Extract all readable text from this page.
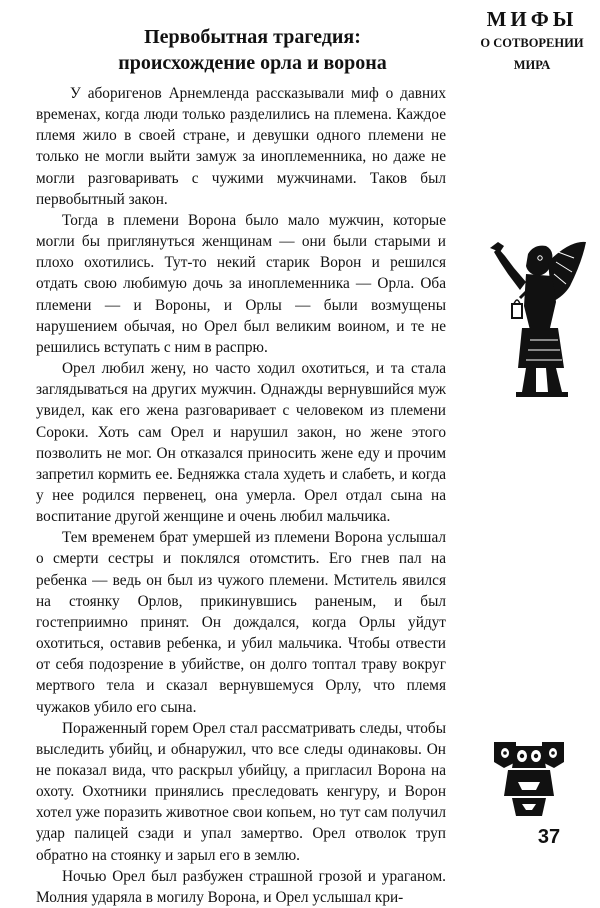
Первобытная трагедия:
происхождение орла и ворона

У аборигенов Арнемленда рассказывали миф о давних временах, когда люди только разделились на племена. Каждое племя жило в своей стране, и девушки одного племени не только не могли выйти замуж за иноплеменника, но даже не могли разговаривать с чужими мужчинами. Таков был первобытный закон.

Тогда в племени Ворона было мало мужчин, которые могли бы приглянуться женщинам — они были старыми и плохо охотились. Тут-то некий старик Ворон и решился отдать свою любимую дочь за иноплеменника — Орла. Оба племени — и Вороны, и Орлы — были возмущены нарушением обычая, но Орел был великим воином, и те не решились вступать с ним в распрю.

Орел любил жену, но часто ходил охотиться, и та стала заглядываться на других мужчин. Однажды вернувшийся муж увидел, как его жена разговаривает с человеком из племени Сороки. Хоть сам Орел и нарушил закон, но жене этого позволить не мог. Он отказался приносить жене еду и прочим запретил кормить ее. Бедняжка стала худеть и слабеть, и когда у нее родился первенец, она умерла. Орел отдал сына на воспитание другой женщине и очень любил мальчика.

Тем временем брат умершей из племени Ворона услышал о смерти сестры и поклялся отомстить. Его гнев пал на ребенка — ведь он был из чужого племени. Мститель явился на стоянку Орлов, прикинувшись раненым, и был гостеприимно принят. Он дождался, когда Орлы уйдут охотиться, оставив ребенка, и убил мальчика. Чтобы отвести от себя подозрение в убийстве, он долго топтал траву вокруг мертвого тела и сказал вернувшемуся Орлу, что племя чужаков убило его сына.

Пораженный горем Орел стал рассматривать следы, чтобы выследить убийц, и обнаружил, что все следы одинаковы. Он не показал вида, что раскрыл убийцу, а пригласил Ворона на охоту. Охотники принялись преследовать кенгуру, и Ворон хотел уже поразить животное свои копьем, но тут сам получил удар палицей сзади и упал замертво. Орел отволок труп обратно на стоянку и зарыл его в землю.

Ночью Орел был разбужен страшной грозой и ураганом. Молния ударяла в могилу Ворона, и Орел услышал кри-

МИФЫ
О СОТВОРЕНИИ
МИРА
37
